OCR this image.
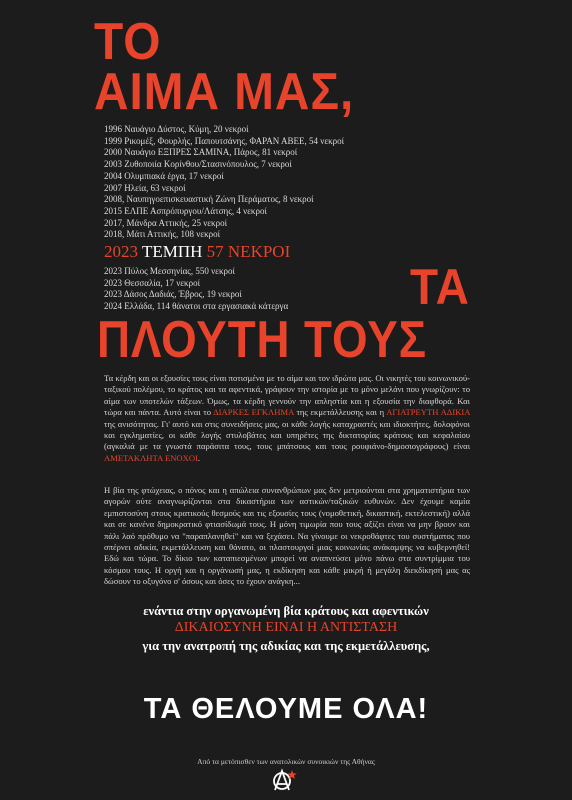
ΤΟ
ΑΙΜΑ ΜΑΣ,
1996 Ναυάγιο Δύστος, Κύμη, 20 νεκροί
1999 Ρικομέξ, Φουρλής, Παπουτσάνης, ΦΑΡΑΝ ΑΒΕΕ, 54 νεκροί
2000 Ναυάγιο ΕΞΠΡΕΣ ΣΑΜΙΝΑ, Πάρος, 81 νεκροί
2003 Ζυθοποιία Κορίνθου/Στασινόπουλος, 7 νεκροί
2004 Ολυμπιακά έργα, 17 νεκροί
2007 Ηλεία, 63 νεκροί
2008, Ναυπηγοεπισκευαστική Ζώνη Περάματος, 8 νεκροί
2015 ΕΛΠΕ Ασπρόπυργου/Λάτσης, 4 νεκροί
2017, Μάνδρα Αττικής, 25 νεκροί
2018, Μάτι Αττικής, 108 νεκροί
2023 ΤΕΜΠΗ 57 ΝΕΚΡΟΙ
2023 Πύλος Μεσσηνίας, 550 νεκροί
2023 Θεσσαλία, 17 νεκροί
2023 Δάσος Δαδιάς, Έβρος, 19 νεκροί
2024 Ελλάδα, 114 θάνατοι στα εργασιακά κάτεργα ΤΑ
ΠΛΟΥΤΗ ΤΟΥΣ

Τα κέρδη και οι εξουσίες τους είναι ποτισμένα με το αίμα και τον ιδρώτα μας. Οι νικητές του κοινωνικού-ταξικού πολέμου, το κράτος και τα αφεντικά, γράφουν την ιστορία με το μόνο μελάνι που γνωρίζουν: το αίμα των υποτελών τάξεων. Όμως, τα κέρδη γεννούν την απληστία και η εξουσία την διαφθορά. Και τώρα και πάντα. Αυτό είναι το ΔΙΑΡΚΕΣ ΕΓΚΛΗΜΑ της εκμετάλλευσης και η ΑΓΙΑΤΡΕΥΤΗ ΑΔΙΚΙΑ της ανισότητας. Γι' αυτό και στις συνειδήσεις μας, οι κάθε λογής καταχραστές και ιδιοκτήτες, δολοφόνοι και εγκληματίες, οι κάθε λογής στυλοβάτες και υπηρέτες της δικτατορίας κράτους και κεφαλαίου (αγκαλιά με τα γνωστά παράσιτα τους, τους μπάτσους και τους ρουφιάνο-δημοσιογράφους) είναι ΑΜΕΤΑΚΛΗΤΑ ΕΝΟΧΟΙ.

Η βία της φτώχειας, ο πόνος και η απώλεια συνανθρώπων μας δεν μετριούνται στα χρηματιστήρια των αγορών ούτε αναγνωρίζονται στα δικαστήρια των αστικών/ταξικών ευθυνών. Δεν έχουμε καμία εμπιστοσύνη στους κρατικούς θεσμούς και τις εξουσίες τους (νομοθετική, δικαστική, εκτελεστική) αλλά και σε κανένα δημοκρατικό φτιασίδωμά τους. Η μόνη τιμωρία που τους αξίζει είναι να μην βρουν και πάλι λαό πρόθυμο να "παραπλανηθεί" και να ξεχάσει. Να γίνουμε οι νεκροθάφτες του συστήματος που σπέρνει αδικία, εκμετάλλευση και θάνατο, οι πλαστουργοί μιας κοινωνίας ανάκαμψης να κυβερνηθεί! Εδώ και τώρα. Το δίκιο των καταπιεσμένων μπορεί να αναπνεύσει μόνο πάνω στα συντρίμμια του κόσμου τους. Η οργή και η οργάνωσή μας, η εκδίκηση και κάθε μικρή ή μεγάλη διεκδίκησή μας ας δώσουν το οξυγόνο σ' όσους και όσες το έχουν ανάγκη...

ενάντια στην οργανωμένη βία κράτους και αφεντικών
ΔΙΚΑΙΟΣΥΝΗ ΕΙΝΑΙ Η ΑΝΤΙΣΤΑΣΗ
για την ανατροπή της αδικίας και της εκμετάλλευσης,
ΤΑ ΘΕΛΟΥΜΕ ΟΛΑ!
Από τα μετόπισθεν των ανατολικών συνοικιών της Αθήνας
